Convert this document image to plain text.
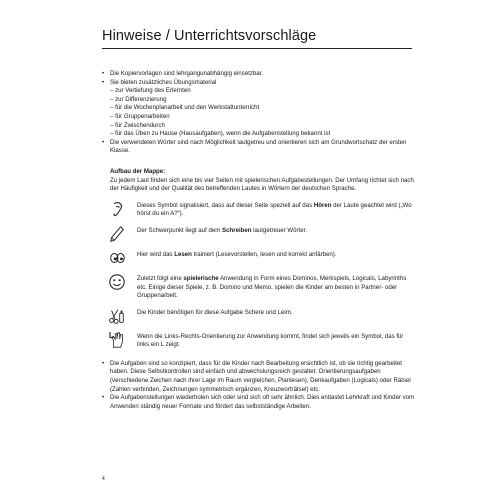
Hinweise / Unterrichtsvorschläge
• Die Kopiervorlagen sind lehrgangunabhängig einsetzbar.
• Sie bieten zusätzliches Übungsmaterial
– zur Vertiefung des Erlernten
– zur Differenzierung
– für die Wochenplanarbeit und den Werkstattunterricht
– für Gruppenarbeiten
– für Zwischendurch
– für das Üben zu Hause (Hausaufgaben), wenn die Aufgabenstellung bekannt ist
• Die verwendeten Wörter sind nach Möglichkeit lautgetreu und orientieren sich am Grundwortschatz der ersten Klasse.
Aufbau der Mappe:
Zu jedem Laut finden sich eine bis vier Seiten mit spielerischen Aufgabestellungen. Der Umfang richtet sich nach der Häufigkeit und der Qualität des betreffenden Lautes in Wörtern der deutschen Sprache.
Dieses Symbol signalisiert, dass auf dieser Seite speziell auf das Hören der Laute geachtet wird („Wo hörst du ein A?“).
Der Schwerpunkt liegt auf dem Schreiben lautgetreuer Wörter.
Hier wird das Lesen trainiert (Lesevorstellen, lesen und korrekt anfärben).
Zuletzt folgt eine spielerische Anwendung in Form eines Dominos, Merkspiels, Logicals, Labyrinths etc. Einige dieser Spiele, z. B. Domino und Memo, spielen die Kinder am besten in Partner- oder Gruppenarbeit.
Die Kinder benötigen für diese Aufgabe Schere und Leim.
L	Wenn die Links-Rechts-Orientierung zur Anwendung kommt, findet sich jeweils ein Symbol, das für links ein L zeigt.
• Die Aufgaben sind so konzipiert, dass für die Kinder nach Bearbeitung ersichtlich ist, ob sie richtig gearbeitet haben. Diese Selbstkontrollen sind einfach und abwechslungsreich gestaltet: Orientierungsaufgaben (verschiedene Zeichen nach ihrer Lage im Raum vergleichen, Planlesen), Denkaufgaben (Logicals) oder Rätsel (Zahlen verbinden, Zeichnungen symmetrisch ergänzen, Kreuzworträtsel) etc.
• Die Aufgabenstellungen wiederholen sich oder sind sich oft sehr ähnlich. Dies entlastet Lehrkraft und Kinder vom Anwenden ständig neuer Formate und fördert das selbstständige Arbeiten.
4
